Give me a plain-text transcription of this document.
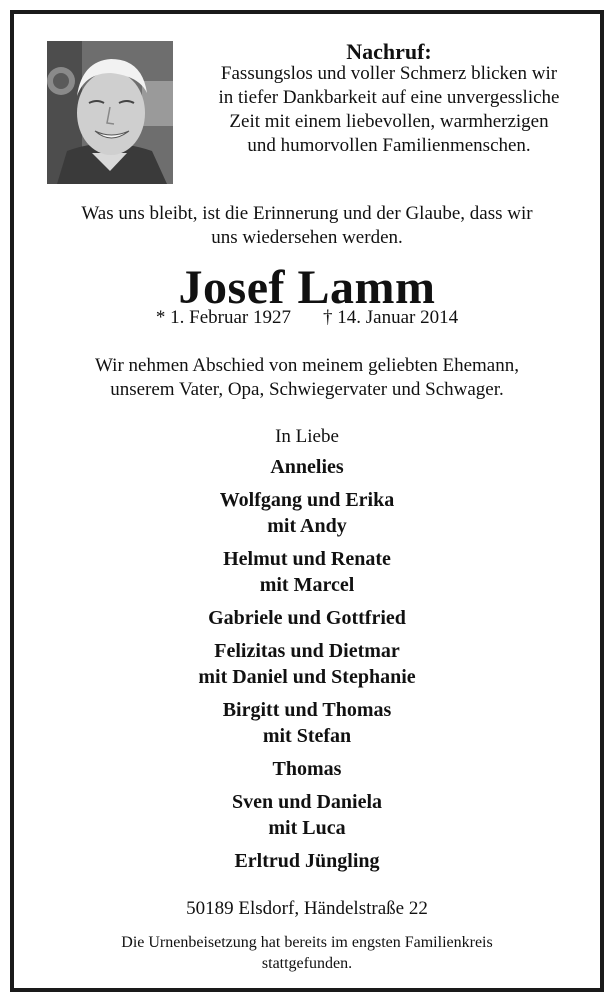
Nachruf:
Fassungslos und voller Schmerz blicken wir
in tiefer Dankbarkeit auf eine unvergessliche
Zeit mit einem liebevollen, warmherzigen
und humorvollen Familienmenschen.
Was uns bleibt, ist die Erinnerung und der Glaube, dass wir
uns wiedersehen werden.
Josef Lamm
* 1. Februar 1927 † 14. Januar 2014
Wir nehmen Abschied von meinem geliebten Ehemann,
unserem Vater, Opa, Schwiegervater und Schwager.
In Liebe
Annelies
Wolfgang und Erika
mit Andy
Helmut und Renate
mit Marcel
Gabriele und Gottfried
Felizitas und Dietmar
mit Daniel und Stephanie
Birgitt und Thomas
mit Stefan
Thomas
Sven und Daniela
mit Luca
Erltrud Jüngling
50189 Elsdorf, Händelstraße 22
Die Urnenbeisetzung hat bereits im engsten Familienkreis
stattgefunden.
